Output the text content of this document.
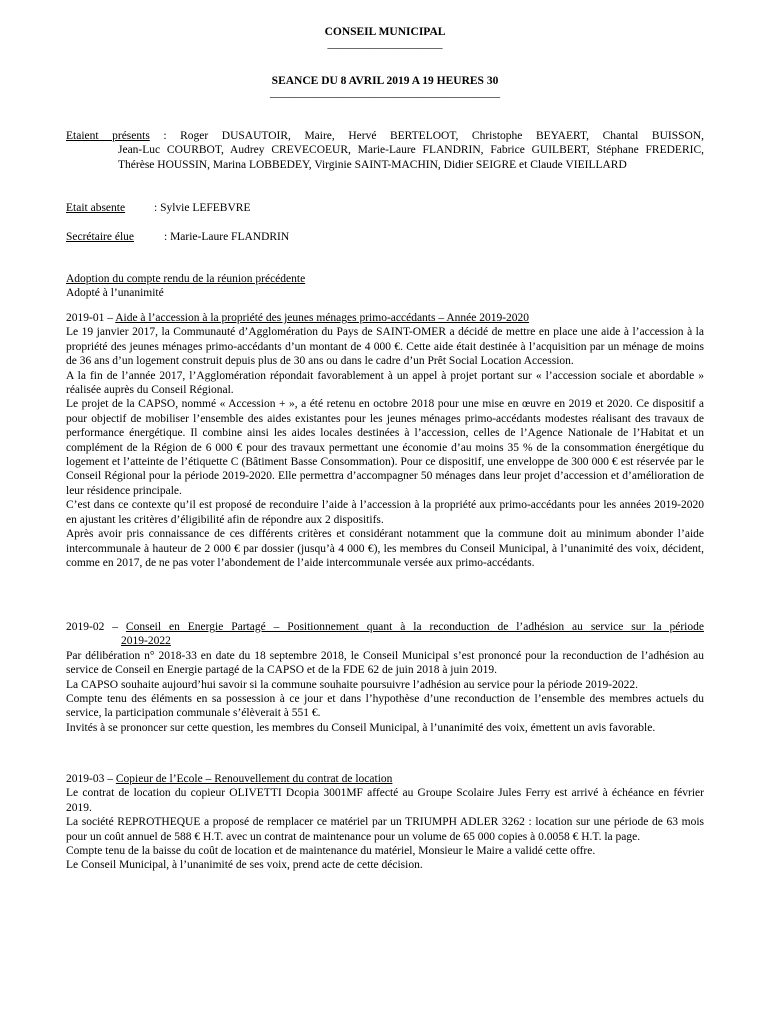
CONSEIL MUNICIPAL
____________________
SEANCE DU 8 AVRIL 2019 A 19 HEURES 30
________________________________________
Etaient présents : Roger DUSAUTOIR, Maire, Hervé BERTELOOT, Christophe BEYAERT, Chantal BUISSON,

Jean-Luc COURBOT, Audrey CREVECOEUR, Marie-Laure FLANDRIN, Fabrice GUILBERT, Stéphane FREDERIC, Thérèse HOUSSIN, Marina LOBBEDEY, Virginie SAINT-MACHIN, Didier SEIGRE et Claude VIEILLARD

Etait absente	: Sylvie LEFEBVRE
Secrétaire élue	: Marie-Laure FLANDRIN
Adoption du compte rendu de la réunion précédente
Adopté à l’unanimité
2019-01 – Aide à l’accession à la propriété des jeunes ménages primo-accédants – Année 2019-2020

Le 19 janvier 2017, la Communauté d’Agglomération du Pays de SAINT-OMER a décidé de mettre en place une aide à l’accession à la propriété des jeunes ménages primo-accédants d’un montant de 4 000 €. Cette aide était destinée à l’acquisition par un ménage de moins de 36 ans d’un logement construit depuis plus de 30 ans ou dans le cadre d’un Prêt Social Location Accession.

A la fin de l’année 2017, l’Agglomération répondait favorablement à un appel à projet portant sur « l’accession sociale et abordable » réalisée auprès du Conseil Régional.

Le projet de la CAPSO, nommé « Accession + », a été retenu en octobre 2018 pour une mise en œuvre en 2019 et 2020. Ce dispositif a pour objectif de mobiliser l’ensemble des aides existantes pour les jeunes ménages primo-accédants modestes réalisant des travaux de performance énergétique. Il combine ainsi les aides locales destinées à l’accession, celles de l’Agence Nationale de l’Habitat et un complément de la Région de 6 000 € pour des travaux permettant une économie d’au moins 35 % de la consommation énergétique du logement et l’atteinte de l’étiquette C (Bâtiment Basse Consommation). Pour ce dispositif, une enveloppe de 300 000 € est réservée par le Conseil Régional pour la période 2019-2020. Elle permettra d’accompagner 50 ménages dans leur projet d’accession et d’amélioration de leur résidence principale.

C’est dans ce contexte qu’il est proposé de reconduire l’aide à l’accession à la propriété aux primo-accédants pour les années 2019-2020 en ajustant les critères d’éligibilité afin de répondre aux 2 dispositifs.

Après avoir pris connaissance de ces différents critères et considérant notamment que la commune doit au minimum abonder l’aide intercommunale à hauteur de 2 000 € par dossier (jusqu’à 4 000 €), les membres du Conseil Municipal, à l’unanimité des voix, décident, comme en 2017, de ne pas voter l’abondement de l’aide intercommunale versée aux primo-accédants.

2019-02 – Conseil en Energie Partagé – Positionnement quant à la reconduction de l’adhésion au service sur la période
2019-2022

Par délibération n° 2018-33 en date du 18 septembre 2018, le Conseil Municipal s’est prononcé pour la reconduction de l’adhésion au service de Conseil en Energie partagé de la CAPSO et de la FDE 62 de juin 2018 à juin 2019.

La CAPSO souhaite aujourd’hui savoir si la commune souhaite poursuivre l’adhésion au service pour la période 2019-2022.

Compte tenu des éléments en sa possession à ce jour et dans l’hypothèse d’une reconduction de l’ensemble des membres actuels du service, la participation communale s’élèverait à 551 €.

Invités à se prononcer sur cette question, les membres du Conseil Municipal, à l’unanimité des voix, émettent un avis favorable.

2019-03 – Copieur de l’Ecole – Renouvellement du contrat de location

Le contrat de location du copieur OLIVETTI Dcopia 3001MF affecté au Groupe Scolaire Jules Ferry est arrivé à échéance en février 2019.

La société REPROTHEQUE a proposé de remplacer ce matériel par un TRIUMPH ADLER 3262 : location sur une période de 63 mois pour un coût annuel de 588 € H.T. avec un contrat de maintenance pour un volume de 65 000 copies à 0.0058 € H.T. la page.

Compte tenu de la baisse du coût de location et de maintenance du matériel, Monsieur le Maire a validé cette offre.

Le Conseil Municipal, à l’unanimité de ses voix, prend acte de cette décision.
